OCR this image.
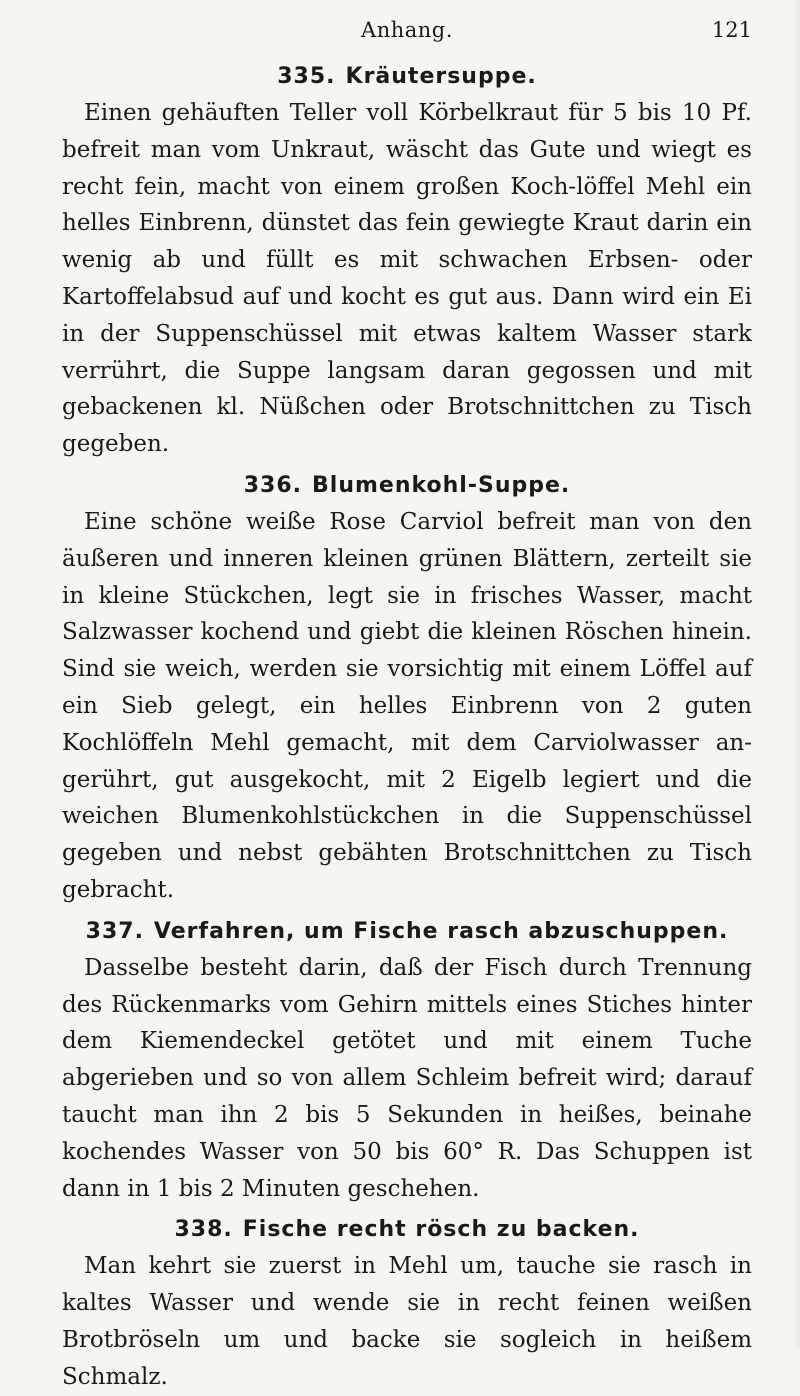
Anhang.	121
335. Kräutersuppe.

Einen gehäuften Teller voll Körbelkraut für 5 bis 10 Pf. befreit man vom Unkraut, wäscht das Gute und wiegt es recht fein, macht von einem großen Koch-löffel Mehl ein helles Einbrenn, dünstet das fein gewiegte Kraut darin ein wenig ab und füllt es mit schwachen Erbsen- oder Kartoffelabsud auf und kocht es gut aus. Dann wird ein Ei in der Suppenschüssel mit etwas kaltem Wasser stark verrührt, die Suppe langsam daran gegossen und mit gebackenen kl. Nüßchen oder Brotschnittchen zu Tisch gegeben.

336. Blumenkohl-Suppe.

Eine schöne weiße Rose Carviol befreit man von den äußeren und inneren kleinen grünen Blättern, zerteilt sie in kleine Stückchen, legt sie in frisches Wasser, macht Salzwasser kochend und giebt die kleinen Röschen hinein. Sind sie weich, werden sie vorsichtig mit einem Löffel auf ein Sieb gelegt, ein helles Einbrenn von 2 guten Kochlöffeln Mehl gemacht, mit dem Carviolwasser an-gerührt, gut ausgekocht, mit 2 Eigelb legiert und die weichen Blumenkohlstückchen in die Suppenschüssel gegeben und nebst gebähten Brotschnittchen zu Tisch gebracht.

337. Verfahren, um Fische rasch abzuschuppen.

Dasselbe besteht darin, daß der Fisch durch Trennung des Rückenmarks vom Gehirn mittels eines Stiches hinter dem Kiemendeckel getötet und mit einem Tuche abgerieben und so von allem Schleim befreit wird; darauf taucht man ihn 2 bis 5 Sekunden in heißes, beinahe kochendes Wasser von 50 bis 60° R. Das Schuppen ist dann in 1 bis 2 Minuten geschehen.

338. Fische recht rösch zu backen.

Man kehrt sie zuerst in Mehl um, tauche sie rasch in kaltes Wasser und wende sie in recht feinen weißen Brotbröseln um und backe sie sogleich in heißem Schmalz.
